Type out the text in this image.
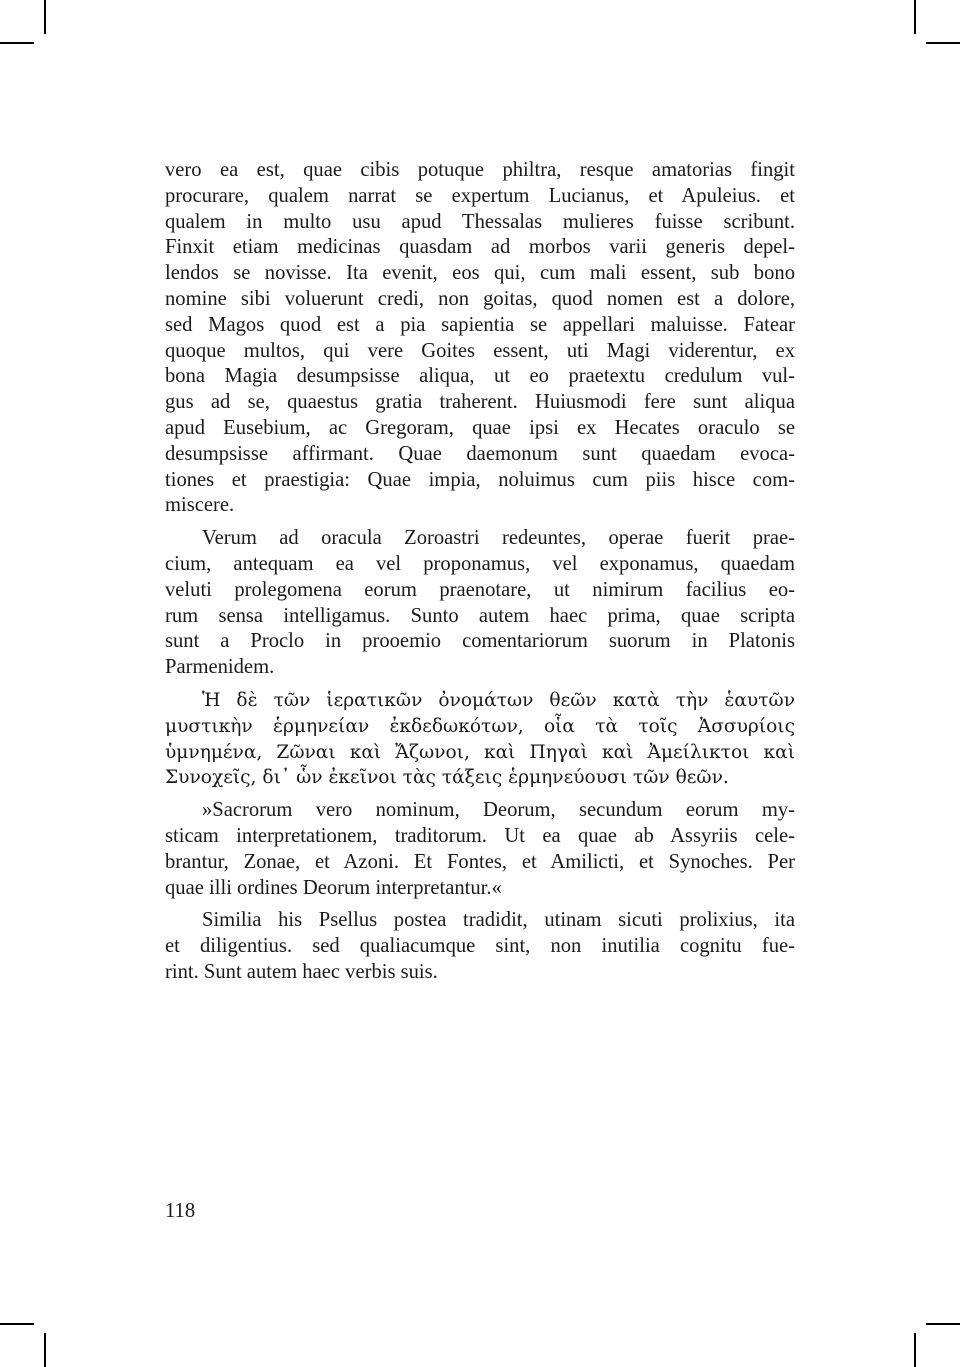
vero ea est, quae cibis potuque philtra, resque amatorias fingit
procurare, qualem narrat se expertum Lucianus, et Apuleius. et
qualem in multo usu apud Thessalas mulieres fuisse scribunt.
Finxit etiam medicinas quasdam ad morbos varii generis depel-
lendos se novisse. Ita evenit, eos qui, cum mali essent, sub bono
nomine sibi voluerunt credi, non goitas, quod nomen est a dolore,
sed Magos quod est a pia sapientia se appellari maluisse. Fatear
quoque multos, qui vere Goites essent, uti Magi viderentur, ex
bona Magia desumpsisse aliqua, ut eo praetextu credulum vul-
gus ad se, quaestus gratia traherent. Huiusmodi fere sunt aliqua
apud Eusebium, ac Gregoram, quae ipsi ex Hecates oraculo se
desumpsisse affirmant. Quae daemonum sunt quaedam evoca-
tiones et praestigia: Quae impia, noluimus cum piis hisce com-
miscere.
Verum ad oracula Zoroastri redeuntes, operae fuerit prae-
cium, antequam ea vel proponamus, vel exponamus, quaedam
veluti prolegomena eorum praenotare, ut nimirum facilius eo-
rum sensa intelligamus. Sunto autem haec prima, quae scripta
sunt a Proclo in prooemio comentariorum suorum in Platonis
Parmenidem.
Ἡ δὲ τῶν ἱερατικῶν ὀνομάτων θεῶν κατὰ τὴν ἑαυτῶν
μυστικὴν ἑρμηνείαν ἐκδεδωκότων, οἷα τὰ τοῖς Ἀσσυρίοις
ὑμνημένα, Ζῶναι καὶ Ἄζωνοι, καὶ Πηγαὶ καὶ Ἀμείλικτοι καὶ
Συνοχεῖς, δι᾽ ὧν ἐκεῖνοι τὰς τάξεις ἑρμηνεύουσι τῶν θεῶν.
»Sacrorum vero nominum, Deorum, secundum eorum my-
sticam interpretationem, traditorum. Ut ea quae ab Assyriis cele-
brantur, Zonae, et Azoni. Et Fontes, et Amilicti, et Synoches. Per
quae illi ordines Deorum interpretantur.«
Similia his Psellus postea tradidit, utinam sicuti prolixius, ita
et diligentius. sed qualiacumque sint, non inutilia cognitu fue-
rint. Sunt autem haec verbis suis.
118
